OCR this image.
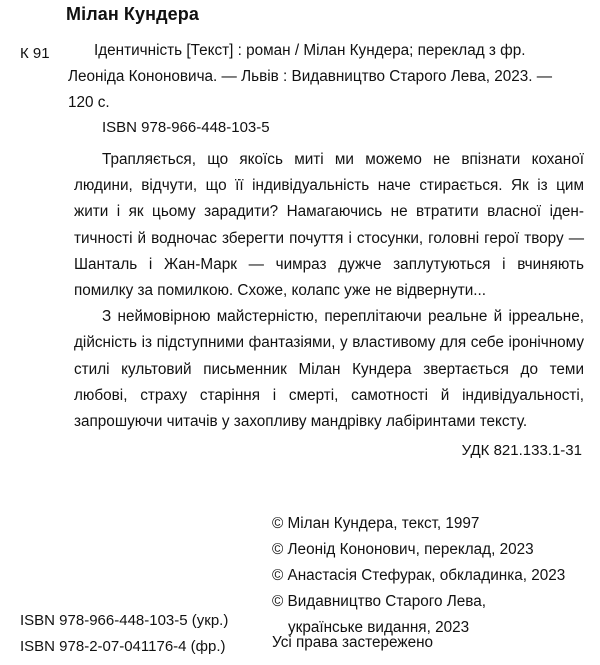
Мілан Кундера
К 91	Ідентичність [Текст] : роман / Мілан Кундера; переклад з фр.
Леоніда Кононовича. — Львів : Видавництво Старого Лева, 2023. —
120 с.
ISBN 978-966-448-103-5

Трапляється, що якоїсь миті ми можемо не впізнати коханої людини, відчути, що її індивідуальність наче стирається. Як із цим жити і як цьому зарадити? Намагаючись не втратити власної ідентичності й водночас зберегти почуття і стосунки, головні герої твору — Шанталь і Жан-Марк — чимраз дужче заплутуються і вчиняють помилку за помилкою. Схоже, колапс уже не відвернути...

З неймовірною майстерністю, переплітаючи реальне й ірреальне, дійсність із підступними фантазіями, у властивому для себе іронічному стилі культовий письменник Мілан Кундера звертається до теми любові, страху старіння і смерті, самотності й індивідуальності, запрошуючи читачів у захопливу мандрівку лабіринтами тексту.

УДК 821.133.1-31
© Мілан Кундера, текст, 1997
© Леонід Кононович, переклад, 2023
© Анастасія Стефурак, обкладинка, 2023
© Видавництво Старого Лева,
українське видання, 2023
ISBN 978-966-448-103-5 (укр.)
ISBN 978-2-07-041176-4 (фр.)	Усі права застережено
